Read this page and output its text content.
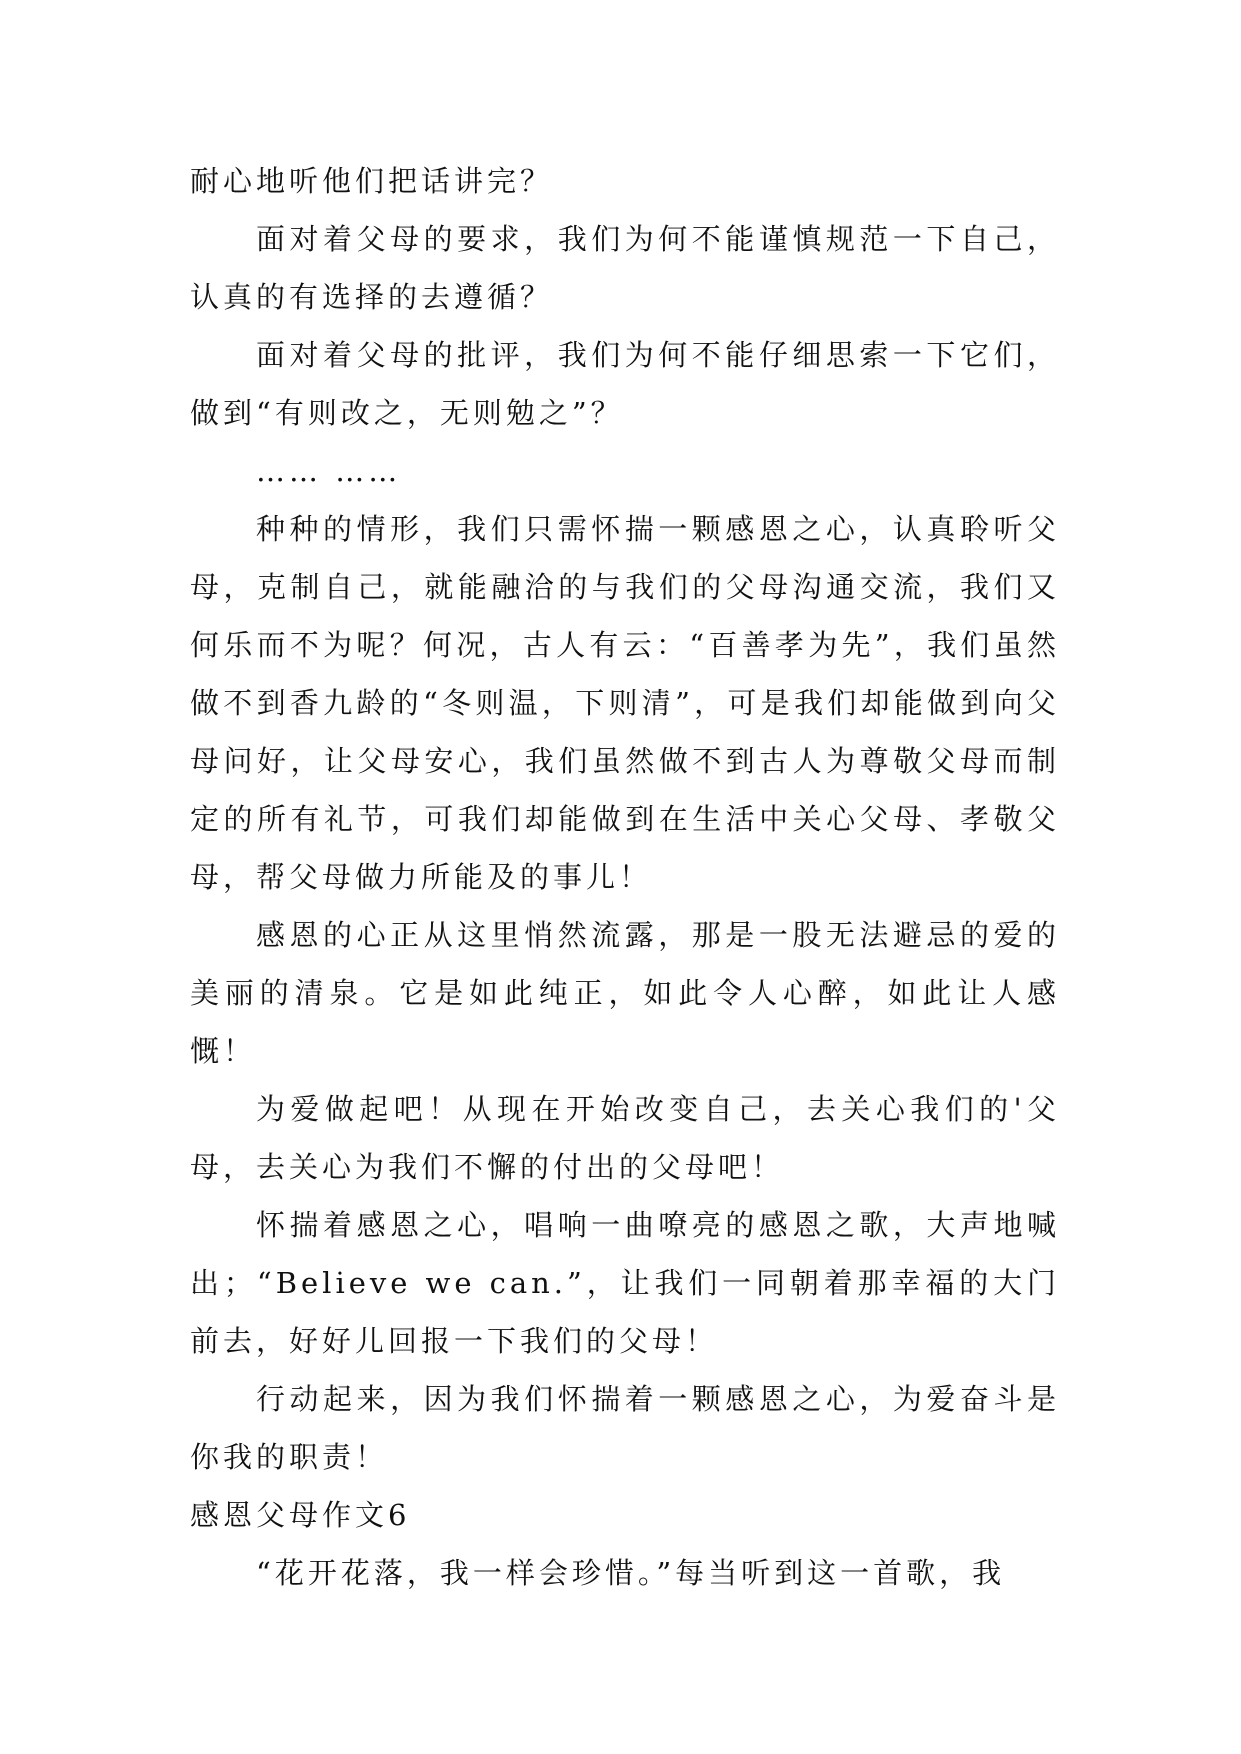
耐心地听他们把话讲完？

面对着父母的要求，我们为何不能谨慎规范一下自己，认真的有选择的去遵循？

面对着父母的批评，我们为何不能仔细思索一下它们，做到“有则改之，无则勉之”？

…… ……

种种的情形，我们只需怀揣一颗感恩之心，认真聆听父母，克制自己，就能融洽的与我们的父母沟通交流，我们又何乐而不为呢？何况，古人有云：“百善孝为先”，我们虽然做不到香九龄的“冬则温，下则清”，可是我们却能做到向父母问好，让父母安心，我们虽然做不到古人为尊敬父母而制定的所有礼节，可我们却能做到在生活中关心父母、孝敬父母，帮父母做力所能及的事儿！

感恩的心正从这里悄然流露，那是一股无法避忌的爱的美丽的清泉。它是如此纯正，如此令人心醉，如此让人感慨！

为爱做起吧！从现在开始改变自己，去关心我们的'父母，去关心为我们不懈的付出的父母吧！

怀揣着感恩之心，唱响一曲嘹亮的感恩之歌，大声地喊出；“Believe we can.”，让我们一同朝着那幸福的大门前去，好好儿回报一下我们的父母！

行动起来，因为我们怀揣着一颗感恩之心，为爱奋斗是你我的职责！

感恩父母作文6

“花开花落，我一样会珍惜。”每当听到这一首歌，我
